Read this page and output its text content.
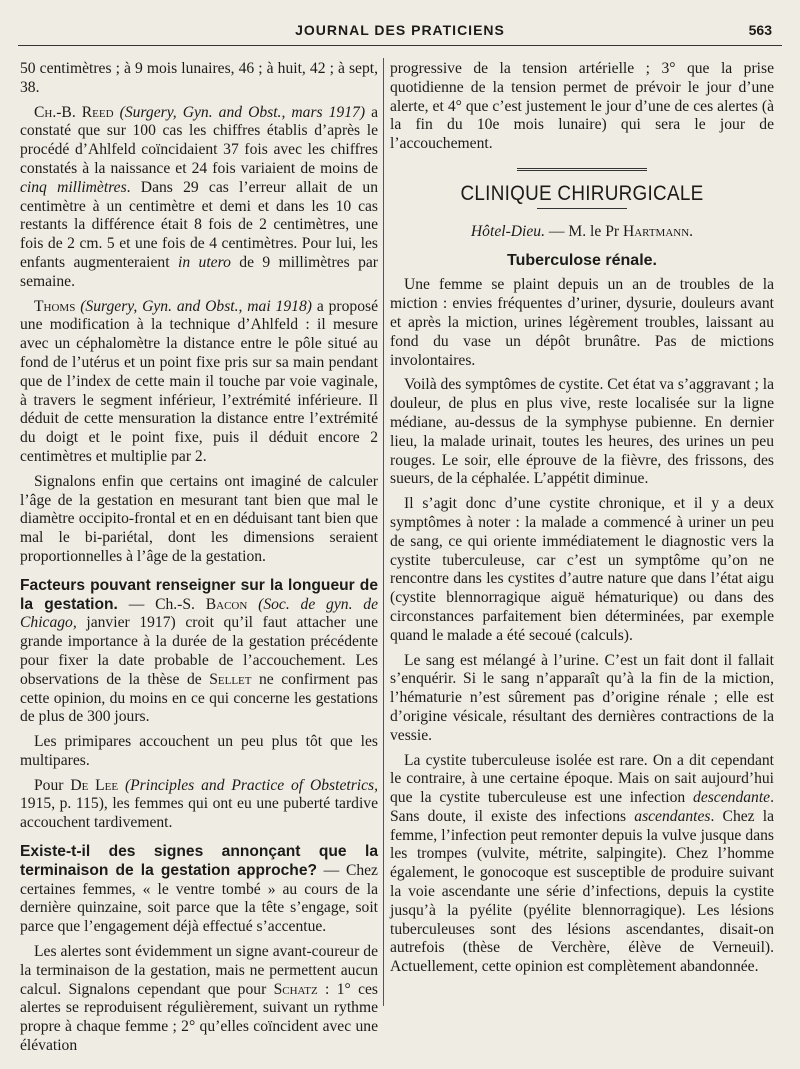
JOURNAL DES PRATICIENS	563

50 centimètres ; à 9 mois lunaires, 46 ; à huit, 42 ; à sept, 38.

Ch.-B. Reed (Surgery, Gyn. and Obst., mars 1917) a constaté que sur 100 cas les chiffres établis d’après le procédé d’Ahlfeld coïncidaient 37 fois avec les chiffres constatés à la naissance et 24 fois variaient de moins de cinq millimètres. Dans 29 cas l’erreur allait de un centimètre à un centimètre et demi et dans les 10 cas restants la différence était 8 fois de 2 centimètres, une fois de 2 cm. 5 et une fois de 4 centimètres. Pour lui, les enfants augmenteraient in utero de 9 millimètres par semaine.

Thoms (Surgery, Gyn. and Obst., mai 1918) a proposé une modification à la technique d’Ahlfeld : il mesure avec un céphalomètre la distance entre le pôle situé au fond de l’utérus et un point fixe pris sur sa main pendant que de l’index de cette main il touche par voie vaginale, à travers le segment inférieur, l’extrémité inférieure. Il déduit de cette mensuration la distance entre l’extrémité du doigt et le point fixe, puis il déduit encore 2 centimètres et multiplie par 2.

Signalons enfin que certains ont imaginé de calculer l’âge de la gestation en mesurant tant bien que mal le diamètre occipito-frontal et en en déduisant tant bien que mal le bi-pariétal, dont les dimensions seraient proportionnelles à l’âge de la gestation.

Facteurs pouvant renseigner sur la longueur de la gestation. — Ch.-S. Bacon (Soc. de gyn. de Chicago, janvier 1917) croit qu’il faut attacher une grande importance à la durée de la gestation précédente pour fixer la date probable de l’accouchement. Les observations de la thèse de Sellet ne confirment pas cette opinion, du moins en ce qui concerne les gestations de plus de 300 jours.

Les primipares accouchent un peu plus tôt que les multipares.

Pour De Lee (Principles and Practice of Obstetrics, 1915, p. 115), les femmes qui ont eu une puberté tardive accouchent tardivement.

Existe-t-il des signes annonçant que la terminaison de la gestation approche? — Chez certaines femmes, « le ventre tombé » au cours de la dernière quinzaine, soit parce que la tête s’engage, soit parce que l’engagement déjà effectué s’accentue.

Les alertes sont évidemment un signe avant-coureur de la terminaison de la gestation, mais ne permettent aucun calcul. Signalons cependant que pour Schatz : 1° ces alertes se reproduisent régulièrement, suivant un rythme propre à chaque femme ; 2° qu’elles coïncident avec une élévation

progressive de la tension artérielle ; 3° que la prise quotidienne de la tension permet de prévoir le jour d’une alerte, et 4° que c’est justement le jour d’une de ces alertes (à la fin du 10e mois lunaire) qui sera le jour de l’accouchement.

CLINIQUE CHIRURGICALE
Hôtel-Dieu. — M. le Pr Hartmann.
Tuberculose rénale.

Une femme se plaint depuis un an de troubles de la miction : envies fréquentes d’uriner, dysurie, douleurs avant et après la miction, urines légèrement troubles, laissant au fond du vase un dépôt brunâtre. Pas de mictions involontaires.

Voilà des symptômes de cystite. Cet état va s’aggravant ; la douleur, de plus en plus vive, reste localisée sur la ligne médiane, au-dessus de la symphyse pubienne. En dernier lieu, la malade urinait, toutes les heures, des urines un peu rouges. Le soir, elle éprouve de la fièvre, des frissons, des sueurs, de la céphalée. L’appétit diminue.

Il s’agit donc d’une cystite chronique, et il y a deux symptômes à noter : la malade a commencé à uriner un peu de sang, ce qui oriente immédiatement le diagnostic vers la cystite tuberculeuse, car c’est un symptôme qu’on ne rencontre dans les cystites d’autre nature que dans l’état aigu (cystite blennorragique aiguë hématurique) ou dans des circonstances parfaitement bien déterminées, par exemple quand le malade a été secoué (calculs).

Le sang est mélangé à l’urine. C’est un fait dont il fallait s’enquérir. Si le sang n’apparaît qu’à la fin de la miction, l’hématurie n’est sûrement pas d’origine rénale ; elle est d’origine vésicale, résultant des dernières contractions de la vessie.

La cystite tuberculeuse isolée est rare. On a dit cependant le contraire, à une certaine époque. Mais on sait aujourd’hui que la cystite tuberculeuse est une infection descendante. Sans doute, il existe des infections ascendantes. Chez la femme, l’infection peut remonter depuis la vulve jusque dans les trompes (vulvite, métrite, salpingite). Chez l’homme également, le gonocoque est susceptible de produire suivant la voie ascendante une série d’infections, depuis la cystite jusqu’à la pyélite (pyélite blennorragique). Les lésions tuberculeuses sont des lésions ascendantes, disait-on autrefois (thèse de Verchère, élève de Verneuil). Actuellement, cette opinion est complètement abandonnée.
